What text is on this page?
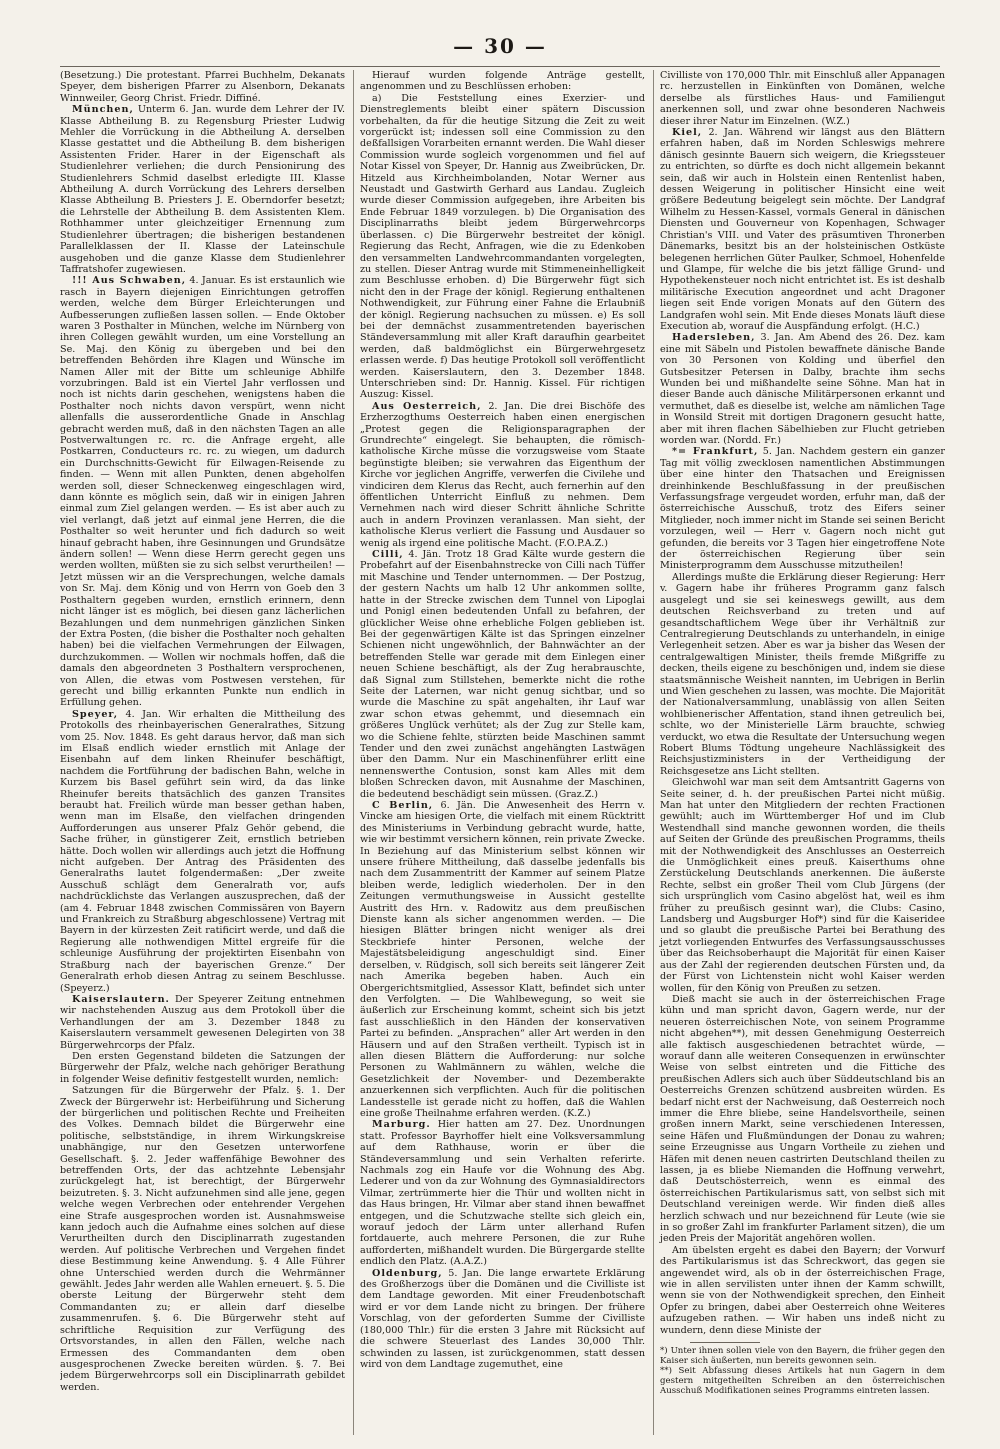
— 30 —

(Besetzung.) Die protestant. Pfarrei Buchhelm, Dekanats Speyer, dem bisherigen Pfarrer zu Alsenborn, Dekanats Winnweiler, Georg Christ. Friedr. Diffiné.

München, Unterm 6. Jan. wurde dem Lehrer der IV. Klasse Abtheilung B. zu Regensburg Priester Ludwig Mehler die Vorrückung in die Abtheilung A. derselben Klasse gestattet und die Abtheilung B. dem bisherigen Assistenten Frider. Harer in der Eigenschaft als Studienlehrer verliehen; die durch Pensionirung des Studienlehrers Schmid daselbst erledigte III. Klasse Abtheilung A. durch Vorrückung des Lehrers derselben Klasse Abtheilung B. Priesters J. E. Oberndorfer besetzt; die Lehrstelle der Abtheilung B. dem Assistenten Klem. Rothhammer unter gleichzeitiger Ernennung zum Studienlehrer übertragen; die bisherigen bestandenen Parallelklassen der II. Klasse der Lateinschule ausgehoben und die ganze Klasse dem Studienlehrer Taffratshofer zugewiesen.

!!! Aus Schwaben, 4. Januar. Es ist erstaunlich wie rasch in Bayern diejenigen Einrichtungen getroffen werden, welche dem Bürger Erleichterungen und Aufbesserungen zufließen lassen sollen. — Ende Oktober waren 3 Posthalter in München, welche im Nürnberg von ihren Collegen gewählt wurden, um eine Vorstellung an Se. Maj. den König zu übergeben und bei den betreffenden Behörden ihre Klagen und Wünsche im Namen Aller mit der Bitte um schleunige Abhilfe vorzubringen. Bald ist ein Viertel Jahr verflossen und noch ist nichts darin geschehen, wenigstens haben die Posthalter noch nichts davon verspürt, wenn nicht allenfalls die ausserordentliche Gnade in Anschlag gebracht werden muß, daß in den nächsten Tagen an alle Postverwaltungen rc. rc. die Anfrage ergeht, alle Postkarren, Conducteurs rc. rc. zu wiegen, um dadurch ein Durchschnitts-Gewicht für Eilwagen-Reisende zu finden. — Wenn mit allen Punkten, denen abgeholfen werden soll, dieser Schneckenweg eingeschlagen wird, dann könnte es möglich sein, daß wir in einigen Jahren einmal zum Ziel gelangen werden. — Es ist aber auch zu viel verlangt, daß jetzt auf einmal jene Herren, die die Posthalter so weit herunter und fich dadurch so weit hinauf gebracht haben, ihre Gesinnungen und Grundsätze ändern sollen! — Wenn diese Herrn gerecht gegen uns werden wollten, müßten sie zu sich selbst verurtheilen! — Jetzt müssen wir an die Versprechungen, welche damals von Sr. Maj. dem König und von Herrn von Goeb den 3 Posthaltern gegeben wurden, ernstlich erinnern, denn nicht länger ist es möglich, bei diesen ganz lächerlichen Bezahlungen und dem nunmehrigen gänzlichen Sinken der Extra Posten, (die bisher die Posthalter noch gehalten haben) bei die vielfachen Vermehrungen der Eilwagen, durchzukommen. — Wollen wir nochmals hoffen, daß die damals den abgeordneten 3 Posthaltern versprochenen, von Allen, die etwas vom Postwesen verstehen, für gerecht und billig erkannten Punkte nun endlich in Erfüllung gehen.

Speyer, 4. Jan. Wir erhalten die Mittheilung des Protokolls des rheinbayerischen Generalrathes, Sitzung vom 25. Nov. 1848. Es geht daraus hervor, daß man sich im Elsaß endlich wieder ernstlich mit Anlage der Eisenbahn auf dem linken Rheinufer beschäftigt, nachdem die Fortführung der badischen Bahn, welche in Kurzem bis Basel geführt sein wird, da das linke Rheinufer bereits thatsächlich des ganzen Transites beraubt hat. Freilich würde man besser gethan haben, wenn man im Elsaße, den vielfachen dringenden Aufforderungen aus unserer Pfalz Gehör gebend, die Sache früher, in günstigerer Zeit, ernstlich betrieben hätte. Doch wollen wir allerdings auch jetzt die Hoffnung nicht aufgeben. Der Antrag des Präsidenten des Generalraths lautet folgendermaßen: „Der zweite Ausschuß schlägt dem Generalrath vor, aufs nachdrücklichste das Verlangen auszusprechen, daß der (am 4. Februar 1848 zwischen Commissären von Bayern und Frankreich zu Straßburg abgeschlossene) Vertrag mit Bayern in der kürzesten Zeit ratificirt werde, und daß die Regierung alle nothwendigen Mittel ergreife für die schleunige Ausführung der projektirten Eisenbahn von Straßburg nach der bayerischen Grenze.“ Der Generalrath erhob diesen Antrag zu seinem Beschlusse. (Speyerz.)

Kaiserslautern. Der Speyerer Zeitung entnehmen wir nachstehenden Auszug aus dem Protokoll über die Verhandlungen der am 3. Dezember 1848 zu Kaiserslautern versammelt gewesenen Delegirten von 38 Bürgerwehrcorps der Pfalz.

Den ersten Gegenstand bildeten die Satzungen der Bürgerwehr der Pfalz, welche nach gehöriger Berathung in folgender Weise definitiv festgestellt wurden, nemlich:

Satzungen für die Bürgerwehr der Pfalz. §. 1. Der Zweck der Bürgerwehr ist: Herbeiführung und Sicherung der bürgerlichen und politischen Rechte und Freiheiten des Volkes. Demnach bildet die Bürgerwehr eine politische, selbstständige, in ihrem Wirkungskreise unabhängige, nur den Gesetzen unterworfene Gesellschaft. §. 2. Jeder waffenfähige Bewohner des betreffenden Orts, der das achtzehnte Lebensjahr zurückgelegt hat, ist berechtigt, der Bürgerwehr beizutreten. §. 3. Nicht aufzunehmen sind alle jene, gegen welche wegen Verbrechen oder entehrender Vergehen eine Strafe ausgesprochen worden ist. Ausnahmsweise kann jedoch auch die Aufnahme eines solchen auf diese Verurtheilten durch den Disciplinarrath zugestanden werden. Auf politische Verbrechen und Vergehen findet diese Bestimmung keine Anwendung. §. 4 Alle Führer ohne Unterschied werden durch die Wehrmänner gewählt. Jedes Jahr werden alle Wahlen erneuert. §. 5. Die oberste Leitung der Bürgerwehr steht dem Commandanten zu; er allein darf dieselbe zusammenrufen. §. 6. Die Bürgerwehr steht auf schriftliche Requisition zur Verfügung des Ortsvorstandes, in allen den Fällen, welche nach Ermessen des Commandanten dem oben ausgesprochenen Zwecke bereiten würden. §. 7. Bei jedem Bürgerwehrcorps soll ein Disciplinarrath gebildet werden.

Hierauf wurden folgende Anträge gestellt, angenommen und zu Beschlüssen erhoben:

a) Die Feststellung eines Exerzier- und Dienstreglements bleibt einer spätern Discussion vorbehalten, da für die heutige Sitzung die Zeit zu weit vorgerückt ist; indessen soll eine Commission zu den deßfallsigen Vorarbeiten ernannt werden. Die Wahl dieser Commission wurde sogleich vorgenommen und fiel auf Notar Kissel von Speyer, Dr. Hannig aus Zweibrücken, Dr. Hitzeld aus Kirchheimbolanden, Notar Werner aus Neustadt und Gastwirth Gerhard aus Landau. Zugleich wurde dieser Commission aufgegeben, ihre Arbeiten bis Ende Februar 1849 vorzulegen. b) Die Organisation des Disciplinarraths bleibt jedem Bürgerwehrcorps überlassen. c) Die Bürgerwehr bestreitet der königl. Regierung das Recht, Anfragen, wie die zu Edenkoben den versammelten Landwehrcommandanten vorgelegten, zu stellen. Dieser Antrag wurde mit Stimmeneinhelligkeit zum Beschlusse erhoben. d) Die Bürgerwehr fügt sich nicht den in der Frage der königl. Regierung enthaltenen Nothwendigkeit, zur Führung einer Fahne die Erlaubniß der königl. Regierung nachsuchen zu müssen. e) Es soll bei der demnächst zusammentretenden bayerischen Ständeversammlung mit aller Kraft daraufhin gearbeitet werden, daß baldmöglichst ein Bürgerwehrgesetz erlassen werde. f) Das heutige Protokoll soll veröffentlicht werden. Kaiserslautern, den 3. Dezember 1848. Unterschrieben sind: Dr. Hannig. Kissel. Für richtigen Auszug: Kissel.

Aus Oesterreich, 2. Jan. Die drei Bischöfe des Erzherzogthums Oesterreich haben einen energischen „Protest gegen die Religionsparagraphen der Grundrechte“ eingelegt. Sie behaupten, die römisch-katholische Kirche müsse die vorzugsweise vom Staate begünstigte bleiben; sie verwahren das Eigenthum der Kirche vor jeglichen Angriffe, verwerfen die Civilehe und vindiciren dem Klerus das Recht, auch fernerhin auf den öffentlichen Unterricht Einfluß zu nehmen. Dem Vernehmen nach wird dieser Schritt ähnliche Schritte auch in andern Provinzen veranlassen. Man sieht, der katholische Klerus verliert die Fassung und Ausdauer so wenig als irgend eine politische Macht. (F.O.P.A.Z.)

Cilli, 4. Jän. Trotz 18 Grad Kälte wurde gestern die Probefahrt auf der Eisenbahnstrecke von Cilli nach Tüffer mit Maschine und Tender unternommen. — Der Postzug, der gestern Nachts um halb 12 Uhr ankommen sollte, hatte in der Strecke zwischen dem Tunnel von Lipoglai und Ponigl einen bedeutenden Unfall zu befahren, der glücklicher Weise ohne erhebliche Folgen geblieben ist. Bei der gegenwärtigen Kälte ist das Springen einzelner Schienen nicht ungewöhnlich, der Bahnwächter an der betreffenden Stelle war gerade mit dem Einlegen einer neuen Schiene beschäftigt, als der Zug herabrauschte, daß Signal zum Stillstehen, bemerkte nicht die rothe Seite der Laternen, war nicht genug sichtbar, und so wurde die Maschine zu spät angehalten, ihr Lauf war zwar schon etwas gehemmt, und diesemnach ein größeres Unglück verhütet; als der Zug zur Stelle kam, wo die Schiene fehlte, stürzten beide Maschinen sammt Tender und den zwei zunächst angehängten Lastwägen über den Damm. Nur ein Maschinenführer erlitt eine nennenswerthe Contusion, sonst kam Alles mit dem bloßen Schrecken davon, mit Ausnahme der Maschinen, die bedeutend beschädigt sein müssen. (Graz.Z.)

C Berlin, 6. Jän. Die Anwesenheit des Herrn v. Vincke am hiesigen Orte, die vielfach mit einem Rücktritt des Ministeriums in Verbindung gebracht wurde, hatte, wie wir bestimmt versichern können, rein private Zwecke. In Beziehung auf das Ministerium selbst können wir unsere frühere Mittheilung, daß dasselbe jedenfalls bis nach dem Zusammentritt der Kammer auf seinem Platze bleiben werde, lediglich wiederholen. Der in den Zeitungen vermuthungsweise in Aussicht gestellte Austritt des Hrn. v. Radowitz aus dem preußischen Dienste kann als sicher angenommen werden. — Die hiesigen Blätter bringen nicht weniger als drei Steckbriefe hinter Personen, welche der Majestätsbeleidigung angeschuldigt sind. Einer derselben, v. Rüdgisch, soll sich bereits seit längerer Zeit nach Amerika begeben haben. Auch ein Obergerichtsmitglied, Assessor Klatt, befindet sich unter den Verfolgten. — Die Wahlbewegung, so weit sie äußerlich zur Erscheinung kommt, scheint sich bis jetzt fast ausschließlich in den Händen der konservativen Partei zu befinden. „Ansprachen“ aller Art werden in den Häusern und auf den Straßen vertheilt. Typisch ist in allen diesen Blättern die Aufforderung: nur solche Personen zu Wahlmännern zu wählen, welche die Gesetzlichkeit der November- und Dezemberakte anzuerkennen sich verpflichten. Auch für die politischen Landesstelle ist gerade nicht zu hoffen, daß die Wahlen eine große Theilnahme erfahren werden. (K.Z.)

Marburg. Hier hatten am 27. Dez. Unordnungen statt. Professor Bayrhoffer hielt eine Volksversammlung auf dem Rathhause, worin er über die Ständeversammlung und sein Verhalten referirte. Nachmals zog ein Haufe vor die Wohnung des Abg. Lederer und von da zur Wohnung des Gymnasialdirectors Vilmar, zertrümmerte hier die Thür und wollten nicht in das Haus bringen, Hr. Vilmar aber stand ihnen bewaffnet entgegen, und die Schutzwache stellte sich gleich ein, worauf jedoch der Lärm unter allerhand Rufen fortdauerte, auch mehrere Personen, die zur Ruhe aufforderten, mißhandelt wurden. Die Bürgergarde stellte endlich den Platz. (A.A.Z.)

Oldenburg, 5. Jan. Die lange erwartete Erklärung des Großherzogs über die Domänen und die Civilliste ist dem Landtage geworden. Mit einer Freudenbotschaft wird er vor dem Lande nicht zu bringen. Der frühere Vorschlag, von der geforderten Summe der Civilliste (180,000 Thlr.) für die ersten 3 Jahre mit Rücksicht auf die schwere Steuerlast des Landes 30,000 Thlr. schwinden zu lassen, ist zurückgenommen, statt dessen wird von dem Landtage zugemuthet, eine

Civilliste von 170,000 Thlr. mit Einschluß aller Appanagen rc. herzustellen in Einkünften von Domänen, welche derselbe als fürstliches Haus- und Familiengut anerkennen soll, und zwar ohne besonderen Nachweis dieser ihrer Natur im Einzelnen. (W.Z.)

Kiel, 2. Jan. Während wir längst aus den Blättern erfahren haben, daß im Norden Schleswigs mehrere dänisch gesinnte Bauern sich weigern, die Kriegssteuer zu entrichten, so dürfte es doch nicht allgemein bekannt sein, daß wir auch in Holstein einen Rentenlist haben, dessen Weigerung in politischer Hinsicht eine weit größere Bedeutung beigelegt sein möchte. Der Landgraf Wilhelm zu Hessen-Kassel, vormals General in dänischen Diensten und Gouverneur von Kopenhagen, Schwager Christian's VIII. und Vater des präsumtiven Thronerben Dänemarks, besitzt bis an der holsteinischen Ostküste belegenen herrlichen Güter Paulker, Schmoel, Hohenfelde und Glampe, für welche die bis jetzt fällige Grund- und Hypothekensteuer noch nicht entrichtet ist. Es ist deshalb militärische Execution angeordnet und acht Dragoner liegen seit Ende vorigen Monats auf den Gütern des Landgrafen wohl sein. Mit Ende dieses Monats läuft diese Execution ab, worauf die Auspfändung erfolgt. (H.C.)

Hadersleben, 3. Jan. Am Abend des 26. Dez. kam eine mit Säbeln und Pistolen bewaffnete dänische Bande von 30 Personen von Kolding und überfiel den Gutsbesitzer Petersen in Dalby, brachte ihm sechs Wunden bei und mißhandelte seine Söhne. Man hat in dieser Bande auch dänische Militärpersonen erkannt und vermuthet, daß es dieselbe ist, welche am nämlichen Tage in Wonsild Streit mit dortigen Dragonern gesucht hatte, aber mit ihren flachen Säbelhieben zur Flucht getrieben worden war. (Nordd. Fr.)

*= Frankfurt, 5. Jan. Nachdem gestern ein ganzer Tag mit völlig zwecklosen namentlichen Abstimmungen über eine hinter den Thatsachen und Ereignissen dreinhinkende Beschlußfassung in der preußischen Verfassungsfrage vergeudet worden, erfuhr man, daß der österreichische Ausschuß, trotz des Eifers seiner Mitglieder, noch immer nicht im Stande sei seinen Bericht vorzulegen, weil — Herr v. Gagern noch nicht gut gefunden, die bereits vor 3 Tagen hier eingetroffene Note der österreichischen Regierung über sein Ministerprogramm dem Ausschusse mitzutheilen!

Allerdings mußte die Erklärung dieser Regierung: Herr v. Gagern habe ihr früheres Programm ganz falsch ausgelegt und sie sei keineswegs gewillt, aus dem deutschen Reichsverband zu treten und auf gesandtschaftlichem Wege über ihr Verhältniß zur Centralregierung Deutschlands zu unterhandeln, in einige Verlegenheit setzen. Aber es war ja bisher das Wesen der centralgewaltigen Minister, theils fremde Mißgriffe zu decken, theils eigene zu beschönigen und, indem sie diese staatsmännische Weisheit nannten, im Uebrigen in Berlin und Wien geschehen zu lassen, was mochte. Die Majorität der Nationalversammlung, unablässig von allen Seiten wohlbienerischer Affentation, stand ihnen getreulich bei, schlte, wo der Ministerielle Lärm brauchte, schwieg verduckt, wo etwa die Resultate der Untersuchung wegen Robert Blums Tödtung ungeheure Nachlässigkeit des Reichsjustizministers in der Vertheidigung der Reichsgesetze ans Licht stellten.

Gleichwohl war man seit dem Amtsantritt Gagerns von Seite seiner, d. h. der preußischen Partei nicht müßig. Man hat unter den Mitgliedern der rechten Fractionen gewühlt; auch im Württemberger Hof und im Club Westendhall sind manche gewonnen worden, die theils auf Seiten der Gründe des preußischen Programms, theils mit der Nothwendigkeit des Anschlusses an Oesterreich die Unmöglichkeit eines preuß. Kaiserthums ohne Zerstückelung Deutschlands anerkennen. Die äußerste Rechte, selbst ein großer Theil vom Club Jürgens (der sich ursprünglich vom Casino abgelöst hat, weil es ihm früher zu preußisch gesinnt war), die Clubs: Casino, Landsberg und Augsburger Hof*) sind für die Kaiseridee und so glaubt die preußische Partei bei Berathung des jetzt vorliegenden Entwurfes des Verfassungsausschusses über das Reichsoberhaupt die Majorität für einen Kaiser aus der Zahl der regierenden deutschen Fürsten und, da der Fürst von Lichtenstein nicht wohl Kaiser werden wollen, für den König von Preußen zu setzen.

Dieß macht sie auch in der österreichischen Frage kühn und man spricht davon, Gagern werde, nur der neueren österreichischen Note, von seinem Programme nicht abgehen**), mit dessen Genehmigung Oesterreich alle faktisch ausgeschiedenen betrachtet würde, — worauf dann alle weiteren Consequenzen in erwünschter Weise von selbst eintreten und die Fittiche des preußischen Adlers sich auch über Süddeutschland bis an Oesterreichs Grenzen schützend ausbreiten würden. Es bedarf nicht erst der Nachweisung, daß Oesterreich noch immer die Ehre bliebe, seine Handelsvortheile, seinen großen innern Markt, seine verschiedenen Interessen, seine Häfen und Flußmündungen der Donau zu wahren; seine Erzeugnisse aus Ungarn Vortheile zu ziehen und Häfen mit denen neuen castrirten Deutschland theilen zu lassen, ja es bliebe Niemanden die Hoffnung verwehrt, daß Deutschösterreich, wenn es einmal des österreichischen Partikularismus satt, von selbst sich mit Deutschland vereinigen werde. Wir finden dieß alles herzlich schwach und nur bezeichnend für Leute (wie sie in so großer Zahl im frankfurter Parlament sitzen), die um jeden Preis der Majorität angehören wollen.

Am übelsten ergeht es dabei den Bayern; der Vorwurf des Partikularismus ist das Schreckwort, das gegen sie angewendet wird, als ob in der österreichischen Frage, wie in allen servilisten unter ihnen der Kamm schwillt, wenn sie von der Nothwendigkeit sprechen, den Einheit Opfer zu bringen, dabei aber Oesterreich ohne Weiteres aufzugeben rathen. — Wir haben uns indeß nicht zu wundern, denn diese Ministe der

*) Unter ihnen sollen viele von den Bayern, die früher gegen den Kaiser sich äußerten, nun bereits gewonnen sein.

**) Seit Abfassung dieses Artikels hat nun Gagern in dem gestern mitgetheilten Schreiben an den österreichischen Ausschuß Modifikationen seines Programms eintreten lassen.
